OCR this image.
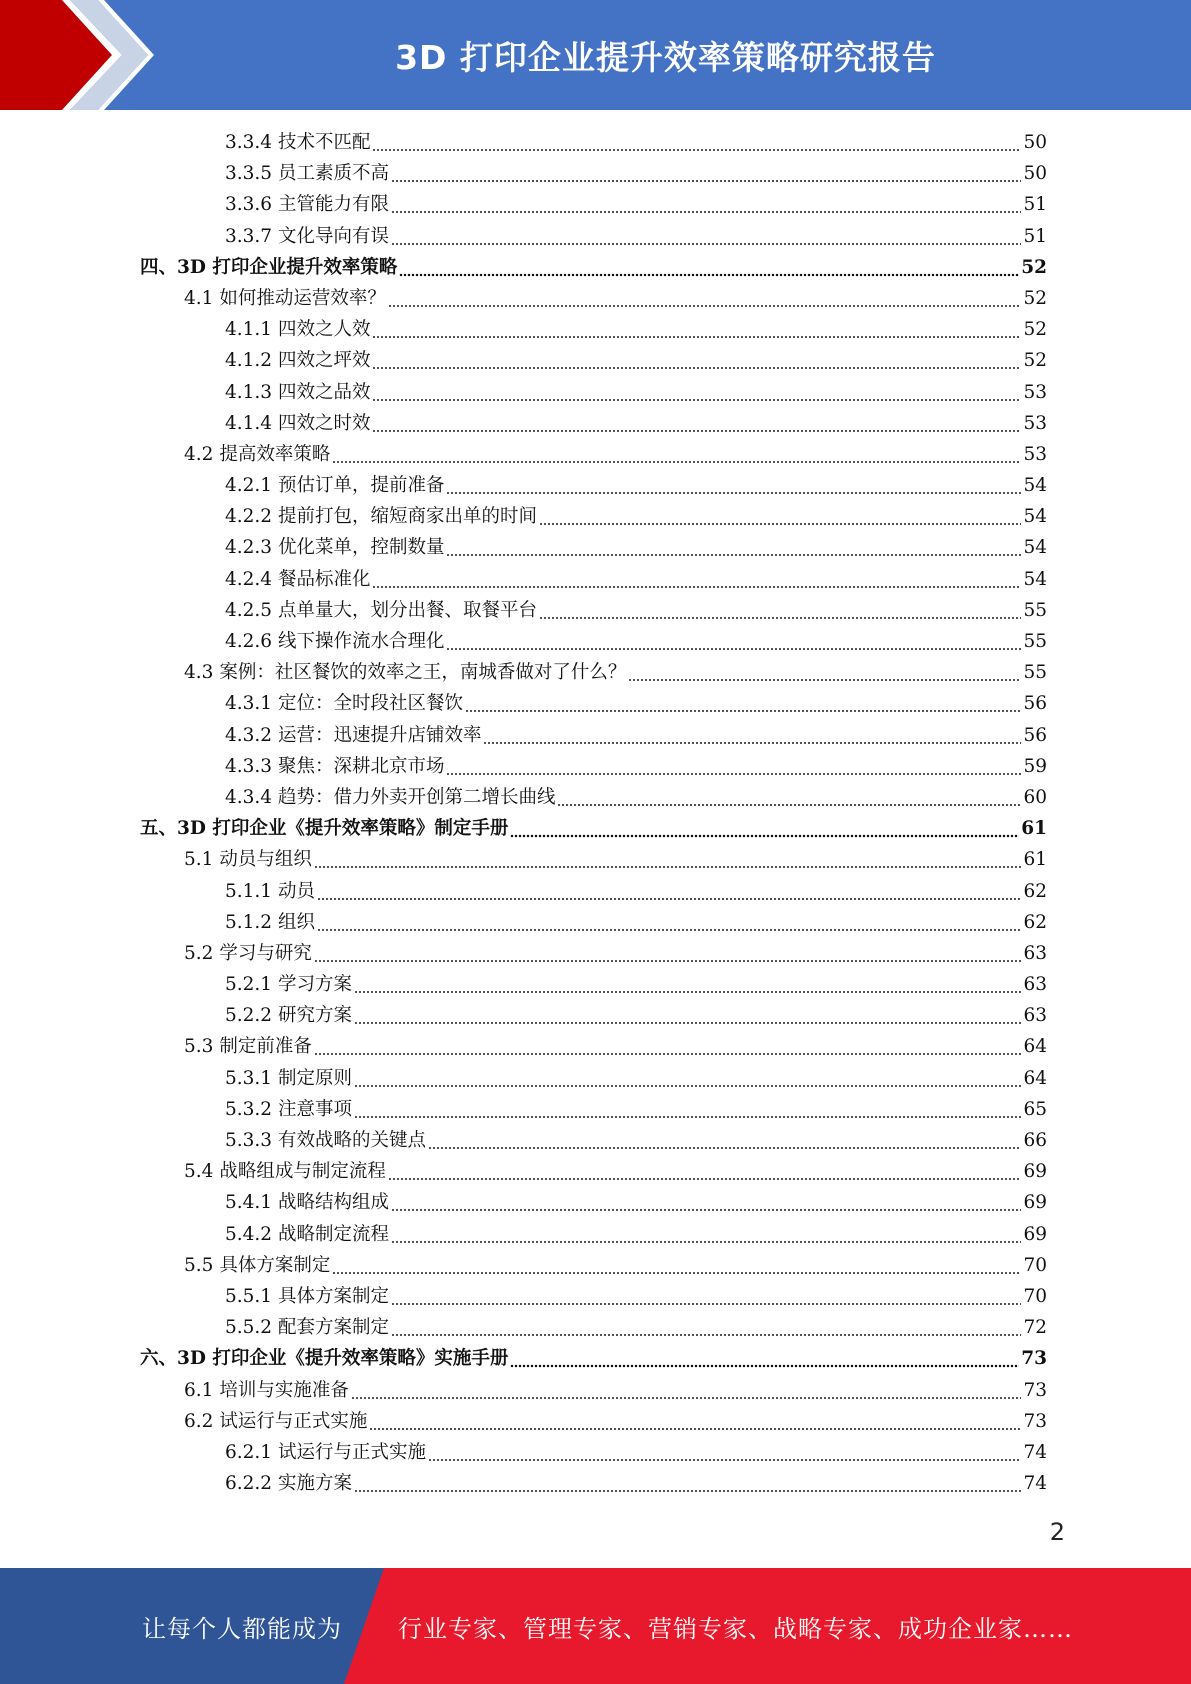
3D 打印企业提升效率策略研究报告
3.3.4 技术不匹配	50
3.3.5 员工素质不高	50
3.3.6 主管能力有限	51
3.3.7 文化导向有误	51
四、3D 打印企业提升效率策略	52
4.1 如何推动运营效率？	52
4.1.1 四效之人效	52
4.1.2 四效之坪效	52
4.1.3 四效之品效	53
4.1.4 四效之时效	53
4.2 提高效率策略	53
4.2.1 预估订单，提前准备	54
4.2.2 提前打包，缩短商家出单的时间	54
4.2.3 优化菜单，控制数量	54
4.2.4 餐品标准化	54
4.2.5 点单量大，划分出餐、取餐平台	55
4.2.6 线下操作流水合理化	55
4.3 案例：社区餐饮的效率之王，南城香做对了什么？	55
4.3.1 定位：全时段社区餐饮	56
4.3.2 运营：迅速提升店铺效率	56
4.3.3 聚焦：深耕北京市场	59
4.3.4 趋势：借力外卖开创第二增长曲线	60
五、3D 打印企业《提升效率策略》制定手册	61
5.1 动员与组织	61
5.1.1 动员	62
5.1.2 组织	62
5.2 学习与研究	63
5.2.1 学习方案	63
5.2.2 研究方案	63
5.3 制定前准备	64
5.3.1 制定原则	64
5.3.2 注意事项	65
5.3.3 有效战略的关键点	66
5.4 战略组成与制定流程	69
5.4.1 战略结构组成	69
5.4.2 战略制定流程	69
5.5 具体方案制定	70
5.5.1 具体方案制定	70
5.5.2 配套方案制定	72
六、3D 打印企业《提升效率策略》实施手册	73
6.1 培训与实施准备	73
6.2 试运行与正式实施	73
6.2.1 试运行与正式实施	74
6.2.2 实施方案	74
2
让每个人都能成为 行业专家、管理专家、营销专家、战略专家、成功企业家……
